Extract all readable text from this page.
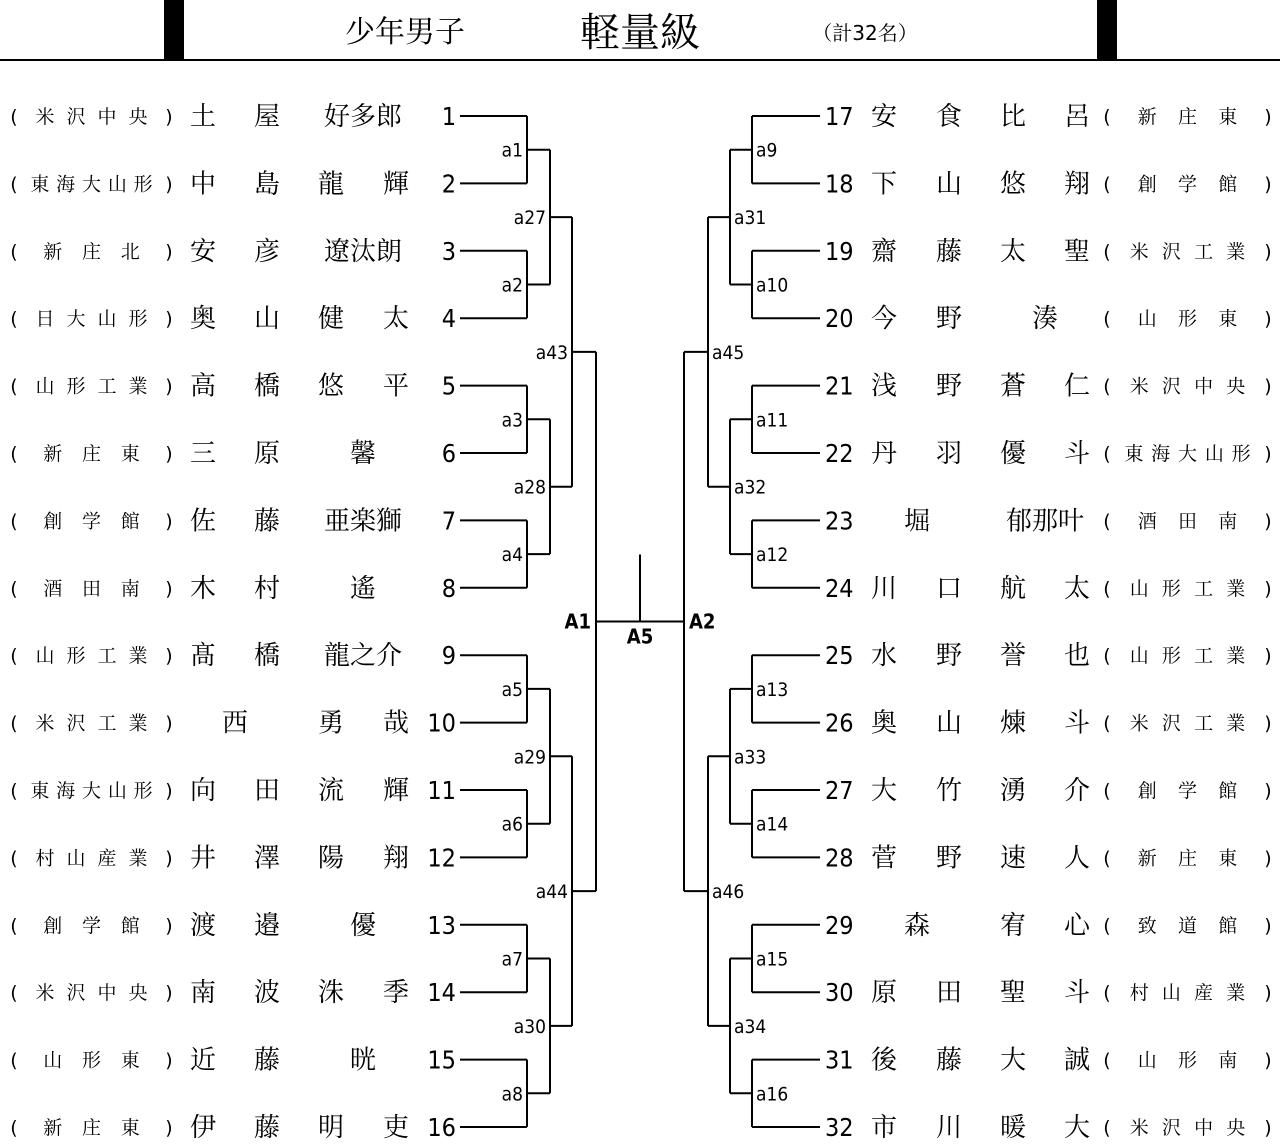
少年男子	軽量級	（計32名）
( 米 沢 中 央 ) 土 屋 好多郎 1
( 東 海 大 山 形 ) 中 島 龍 輝 2
( 新 庄 北 ) 安 彦 遼汰朗 3
( 日 大 山 形 ) 奥 山 健 太 4
( 山 形 工 業 ) 高 橋 悠 平 5
( 新 庄 東 ) 三 原	馨	6
( 創 学 館 ) 佐 藤 亜楽獅 7
( 酒 田 南 ) 木 村	遙	8
( 山 形 工 業 ) 髙 橋 龍之介 9
( 米 沢 工 業 ) 西	勇 哉 10
( 東 海 大 山 形 ) 向 田 流 輝 11
( 村 山 産 業 ) 井 澤 陽 翔 12
( 創 学 館 ) 渡 邉	優 13
( 米 沢 中 央 ) 南 波 洙 季 14
( 山 形 東 ) 近 藤	晄 15
( 新 庄 東 ) 伊 藤 明 吏 16
17 安 食 比 呂 ( 新 庄 東 )
18 下 山 悠 翔 ( 創 学 館 )
19 齋 藤 太 聖 ( 米 沢 工 業 )
20 今 野	湊 ( 山 形 東 )
21 浅 野 蒼 仁 ( 米 沢 中 央 )
22 丹 羽 優 斗 ( 東 海 大 山 形 )
23 堀	郁那叶 ( 酒 田 南 )
24 川 口 航 太 ( 山 形 工 業 )
25 水 野 誉 也 ( 山 形 工 業 )
26 奥 山 煉 斗 ( 米 沢 工 業 )
27 大 竹 湧 介 ( 創 学 館 )
28 菅 野 速 人 ( 新 庄 東 )
29 森	宥 心 ( 致 道 館 )
30 原 田 聖 斗 ( 村 山 産 業 )
31 後 藤 大 誠 ( 山 形 南 )
32 市 川 暖 大 ( 米 沢 中 央 )
a1	a9
a2	a10
a3	a11
a4	a12
a5	a13
a6	a14
a7	a15
a8	a16
a27	a31
a28	a32
a29	a33
a30	a34
a43	a45
a44	a46
A1	A2
A5
